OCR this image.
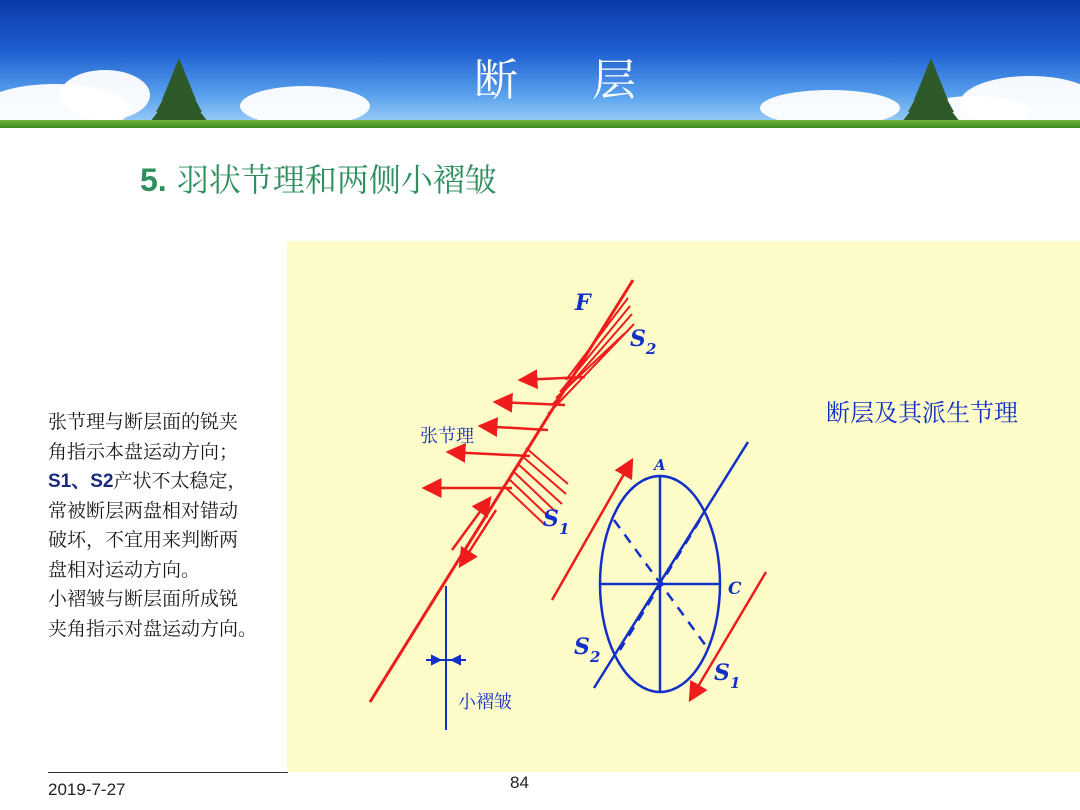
断 层
5. 羽状节理和两侧小褶皱
F
S 2
S 1
A
C
S 2
S 1
张节理
小褶皱
断层及其派生节理
张节理与断层面的锐夹
角指示本盘运动方向；
S1、S2产状不太稳定，
常被断层两盘相对错动
破坏，不宜用来判断两
盘相对运动方向。
小褶皱与断层面所成锐
夹角指示对盘运动方向。
2019-7-27	84
